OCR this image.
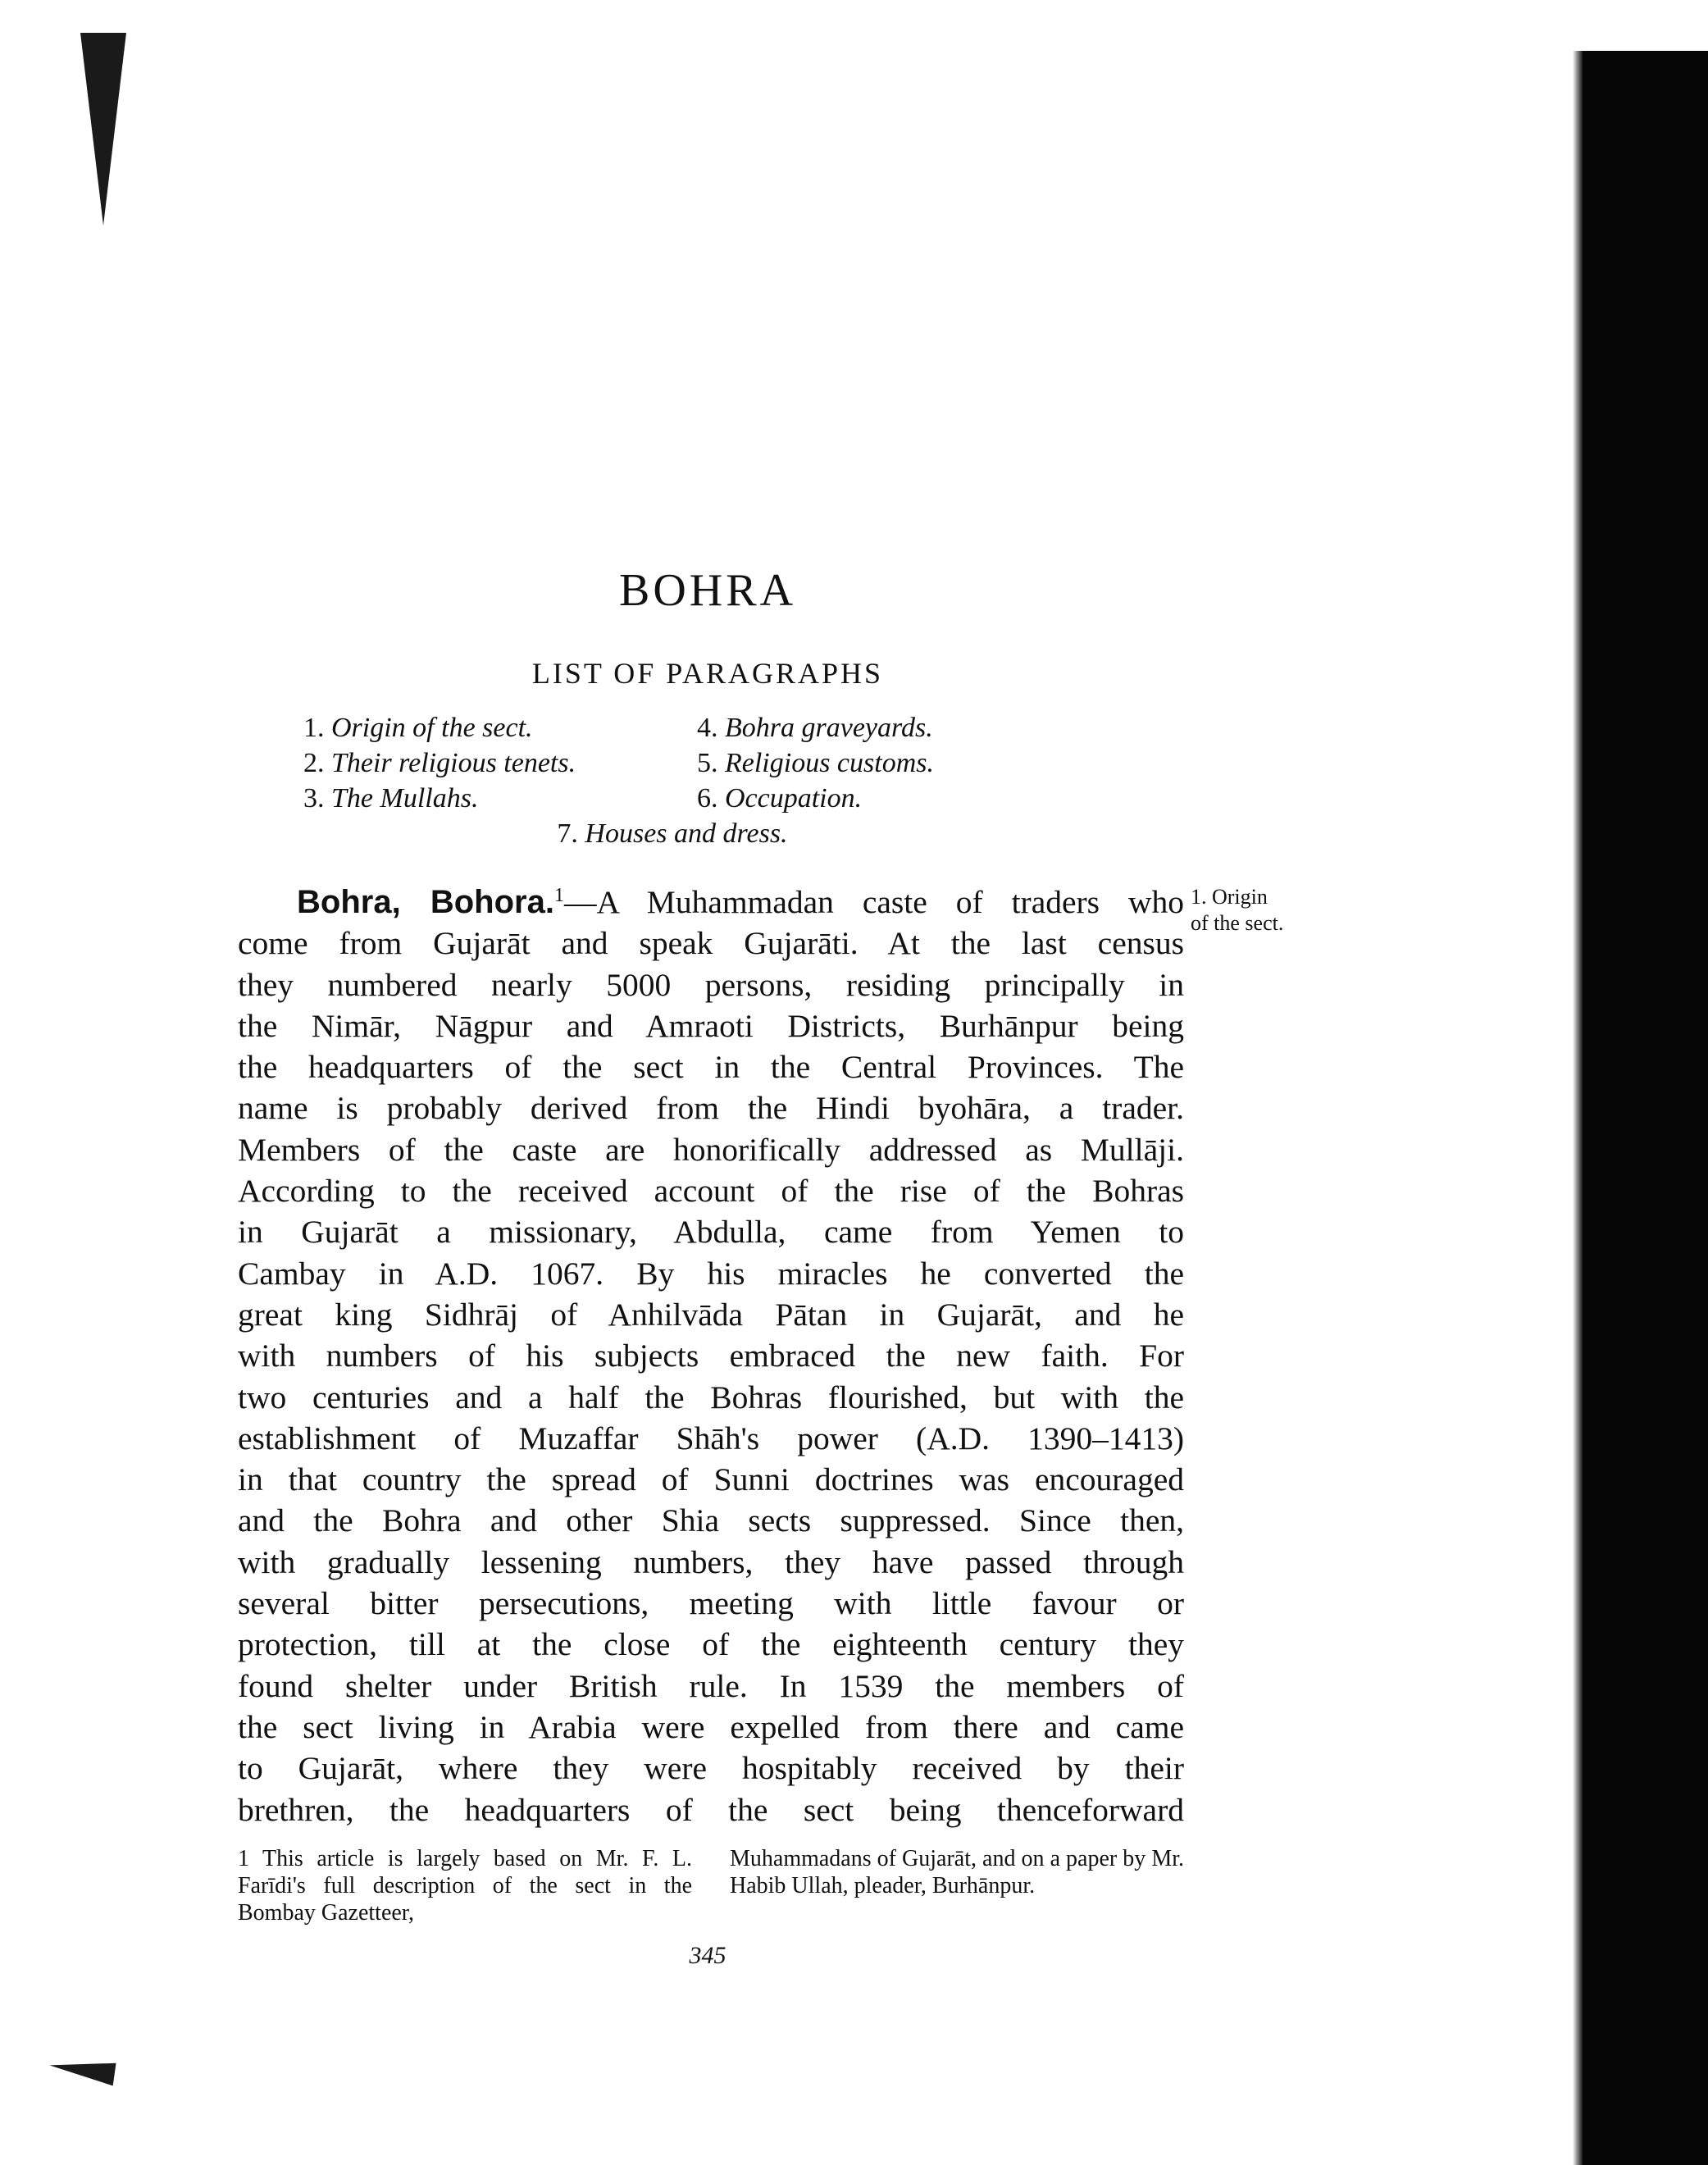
BOHRA
LIST OF PARAGRAPHS
1. Origin of the sect.	4. Bohra graveyards.
2. Their religious tenets.	5. Religious customs.
3. The Mullahs.	6. Occupation.
7. Houses and dress.

Bohra, Bohora.$^1$—A Muhammadan caste of traders who

come from Gujarāt and speak Gujarāti. At the last census
they numbered nearly 5000 persons, residing principally in
the Nimār, Nāgpur and Amraoti Districts, Burhānpur being
the headquarters of the sect in the Central Provinces. The
name is probably derived from the Hindi byohāra, a trader.
Members of the caste are honorifically addressed as Mullāji.
According to the received account of the rise of the Bohras
in Gujarāt a missionary, Abdulla, came from Yemen to
Cambay in A.D. 1067. By his miracles he converted the
great king Sidhrāj of Anhilvāda Pātan in Gujarāt, and he
with numbers of his subjects embraced the new faith. For
two centuries and a half the Bohras flourished, but with the
establishment of Muzaffar Shāh's power (A.D. 1390–1413)
in that country the spread of Sunni doctrines was encouraged
and the Bohra and other Shia sects suppressed. Since then,
with gradually lessening numbers, they have passed through
several bitter persecutions, meeting with little favour or
protection, till at the close of the eighteenth century they
found shelter under British rule. In 1539 the members of
the sect living in Arabia were expelled from there and came
to Gujarāt, where they were hospitably received by their
brethren, the headquarters of the sect being thenceforward
1. Origin
of the sect.
1 This article is largely based on Mr. F. L. Farīdi's full description of the sect in the Bombay Gazetteer,
Muhammadans of Gujarāt, and on a paper by Mr. Habib Ullah, pleader, Burhānpur.
345
